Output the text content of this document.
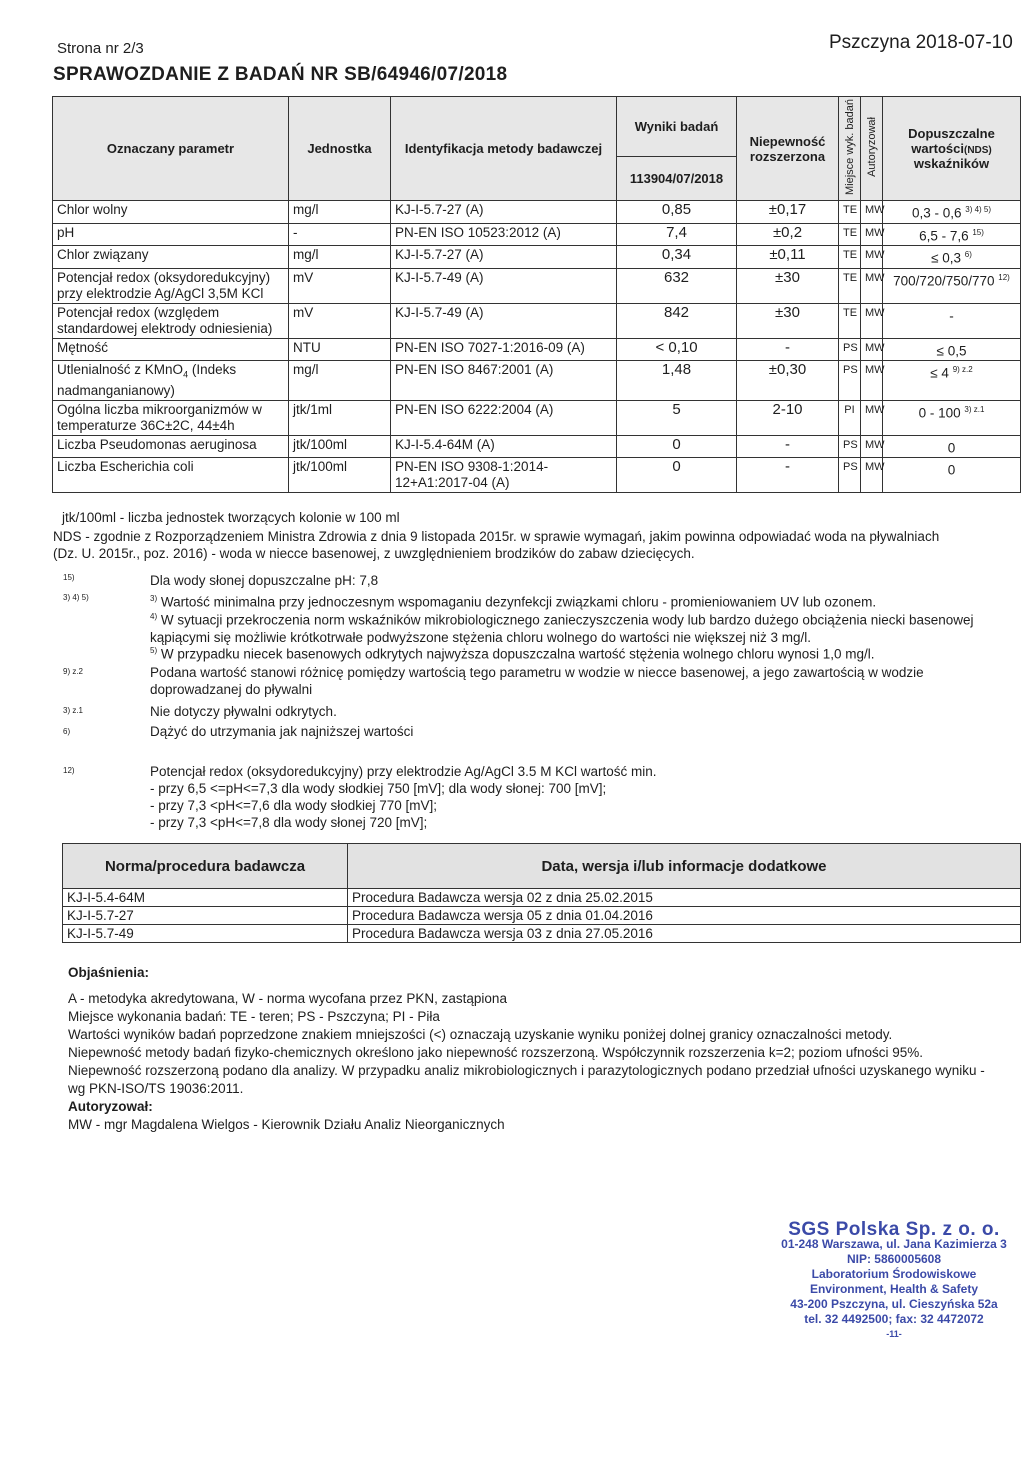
Strona nr 2/3	Pszczyna 2018-07-10
SPRAWOZDANIE Z BADAŃ NR SB/64946/07/2018
Oznaczany parametr	Jednostka	Identyfikacja metody badawczej	Wyniki badań	Niepewność rozszerzona	Miejsce wyk. badań	Autoryzował	Dopuszczalne
wartości(NDS)
wskaźników

			113904/07/2018				
Chlor wolny	mg/l	KJ-I-5.7-27 (A)	0,85	±0,17	TE	MW	0,3 - 0,6 $^{3) 4) 5)}$
pH	-	PN-EN ISO 10523:2012 (A)	7,4	±0,2	TE	MW	6,5 - 7,6 $^{15)}$
Chlor związany	mg/l	KJ-I-5.7-27 (A)	0,34	±0,11	TE	MW	≤ 0,3 $^{6)}$
Potencjał redox (oksydoredukcyjny) przy elektrodzie Ag/AgCl 3,5M KCl	mV	KJ-I-5.7-49 (A)	632	±30	TE	MW	700/720/750/770 $^{12)}$
Potencjał redox (względem standardowej elektrody odniesienia)	mV	KJ-I-5.7-49 (A)	842	±30	TE	MW	-
Mętność	NTU	PN-EN ISO 7027-1:2016-09 (A)	< 0,10	-	PS	MW	≤ 0,5
Utlenialność z KMnO$_4$ (Indeks nadmanganianowy)	mg/l	PN-EN ISO 8467:2001 (A)	1,48	±0,30	PS	MW	≤ 4 $^{9) z.2}$
Ogólna liczba mikroorganizmów w temperaturze 36C±2C, 44±4h	jtk/1ml	PN-EN ISO 6222:2004 (A)	5	2-10	PI	MW	0 - 100 $^{3) z.1}$
Liczba Pseudomonas aeruginosa	jtk/100ml	KJ-I-5.4-64M (A)	0	-	PS	MW	0
Liczba Escherichia coli	jtk/100ml	PN-EN ISO 9308-1:2014-12+A1:2017-04 (A)	0	-	PS	MW	0
jtk/100ml - liczba jednostek tworzących kolonie w 100 ml
NDS - zgodnie z Rozporządzeniem Ministra Zdrowia z dnia 9 listopada 2015r. w sprawie wymagań, jakim powinna odpowiadać woda na pływalniach (Dz. U. 2015r., poz. 2016) - woda w niecce basenowej, z uwzględnieniem brodzików do zabaw dziecięcych.
15)	Dla wody słonej dopuszczalne pH: 7,8
3) 4) 5)	$^{3)}$ Wartość minimalna przy jednoczesnym wspomaganiu dezynfekcji związkami chloru - promieniowaniem UV lub ozonem.
$^{4)}$ W sytuacji przekroczenia norm wskaźników mikrobiologicznego zanieczyszczenia wody lub bardzo dużego obciążenia niecki basenowej kąpiącymi się możliwie krótkotrwałe podwyższone stężenia chloru wolnego do wartości nie większej niż 3 mg/l.
$^{5)}$ W przypadku niecek basenowych odkrytych najwyższa dopuszczalna wartość stężenia wolnego chloru wynosi 1,0 mg/l.
9) z.2	Podana wartość stanowi różnicę pomiędzy wartością tego parametru w wodzie w niecce basenowej, a jego zawartością w wodzie doprowadzanej do pływalni
3) z.1	Nie dotyczy pływalni odkrytych.
6)	Dążyć do utrzymania jak najniższej wartości
12)	Potencjał redox (oksydoredukcyjny) przy elektrodzie Ag/AgCl 3.5 M KCl wartość min.
- przy 6,5 <=pH<=7,3 dla wody słodkiej 750 [mV]; dla wody słonej: 700 [mV];
- przy 7,3 <pH<=7,6 dla wody słodkiej 770 [mV];
- przy 7,3 <pH<=7,8 dla wody słonej 720 [mV];
Norma/procedura badawcza	Data, wersja i/lub informacje dodatkowe
KJ-I-5.4-64M	Procedura Badawcza wersja 02 z dnia 25.02.2015
KJ-I-5.7-27	Procedura Badawcza wersja 05 z dnia 01.04.2016
KJ-I-5.7-49	Procedura Badawcza wersja 03 z dnia 27.05.2016
Objaśnienia:
A - metodyka akredytowana, W - norma wycofana przez PKN, zastąpiona
Miejsce wykonania badań: TE - teren; PS - Pszczyna; PI - Piła
Wartości wyników badań poprzedzone znakiem mniejszości (<) oznaczają uzyskanie wyniku poniżej dolnej granicy oznaczalności metody.
Niepewność metody badań fizyko-chemicznych określono jako niepewność rozszerzoną. Współczynnik rozszerzenia k=2; poziom ufności 95%.
Niepewność rozszerzoną podano dla analizy. W przypadku analiz mikrobiologicznych i parazytologicznych podano przedział ufności uzyskanego wyniku - wg PKN-ISO/TS 19036:2011.
Autoryzował:
MW - mgr Magdalena Wielgos - Kierownik Działu Analiz Nieorganicznych
SGS Polska Sp. z o. o.
01-248 Warszawa, ul. Jana Kazimierza 3
NIP: 5860005608
Laboratorium Środowiskowe
Environment, Health & Safety
43-200 Pszczyna, ul. Cieszyńska 52a
tel. 32 4492500; fax: 32 4472072
-11-
